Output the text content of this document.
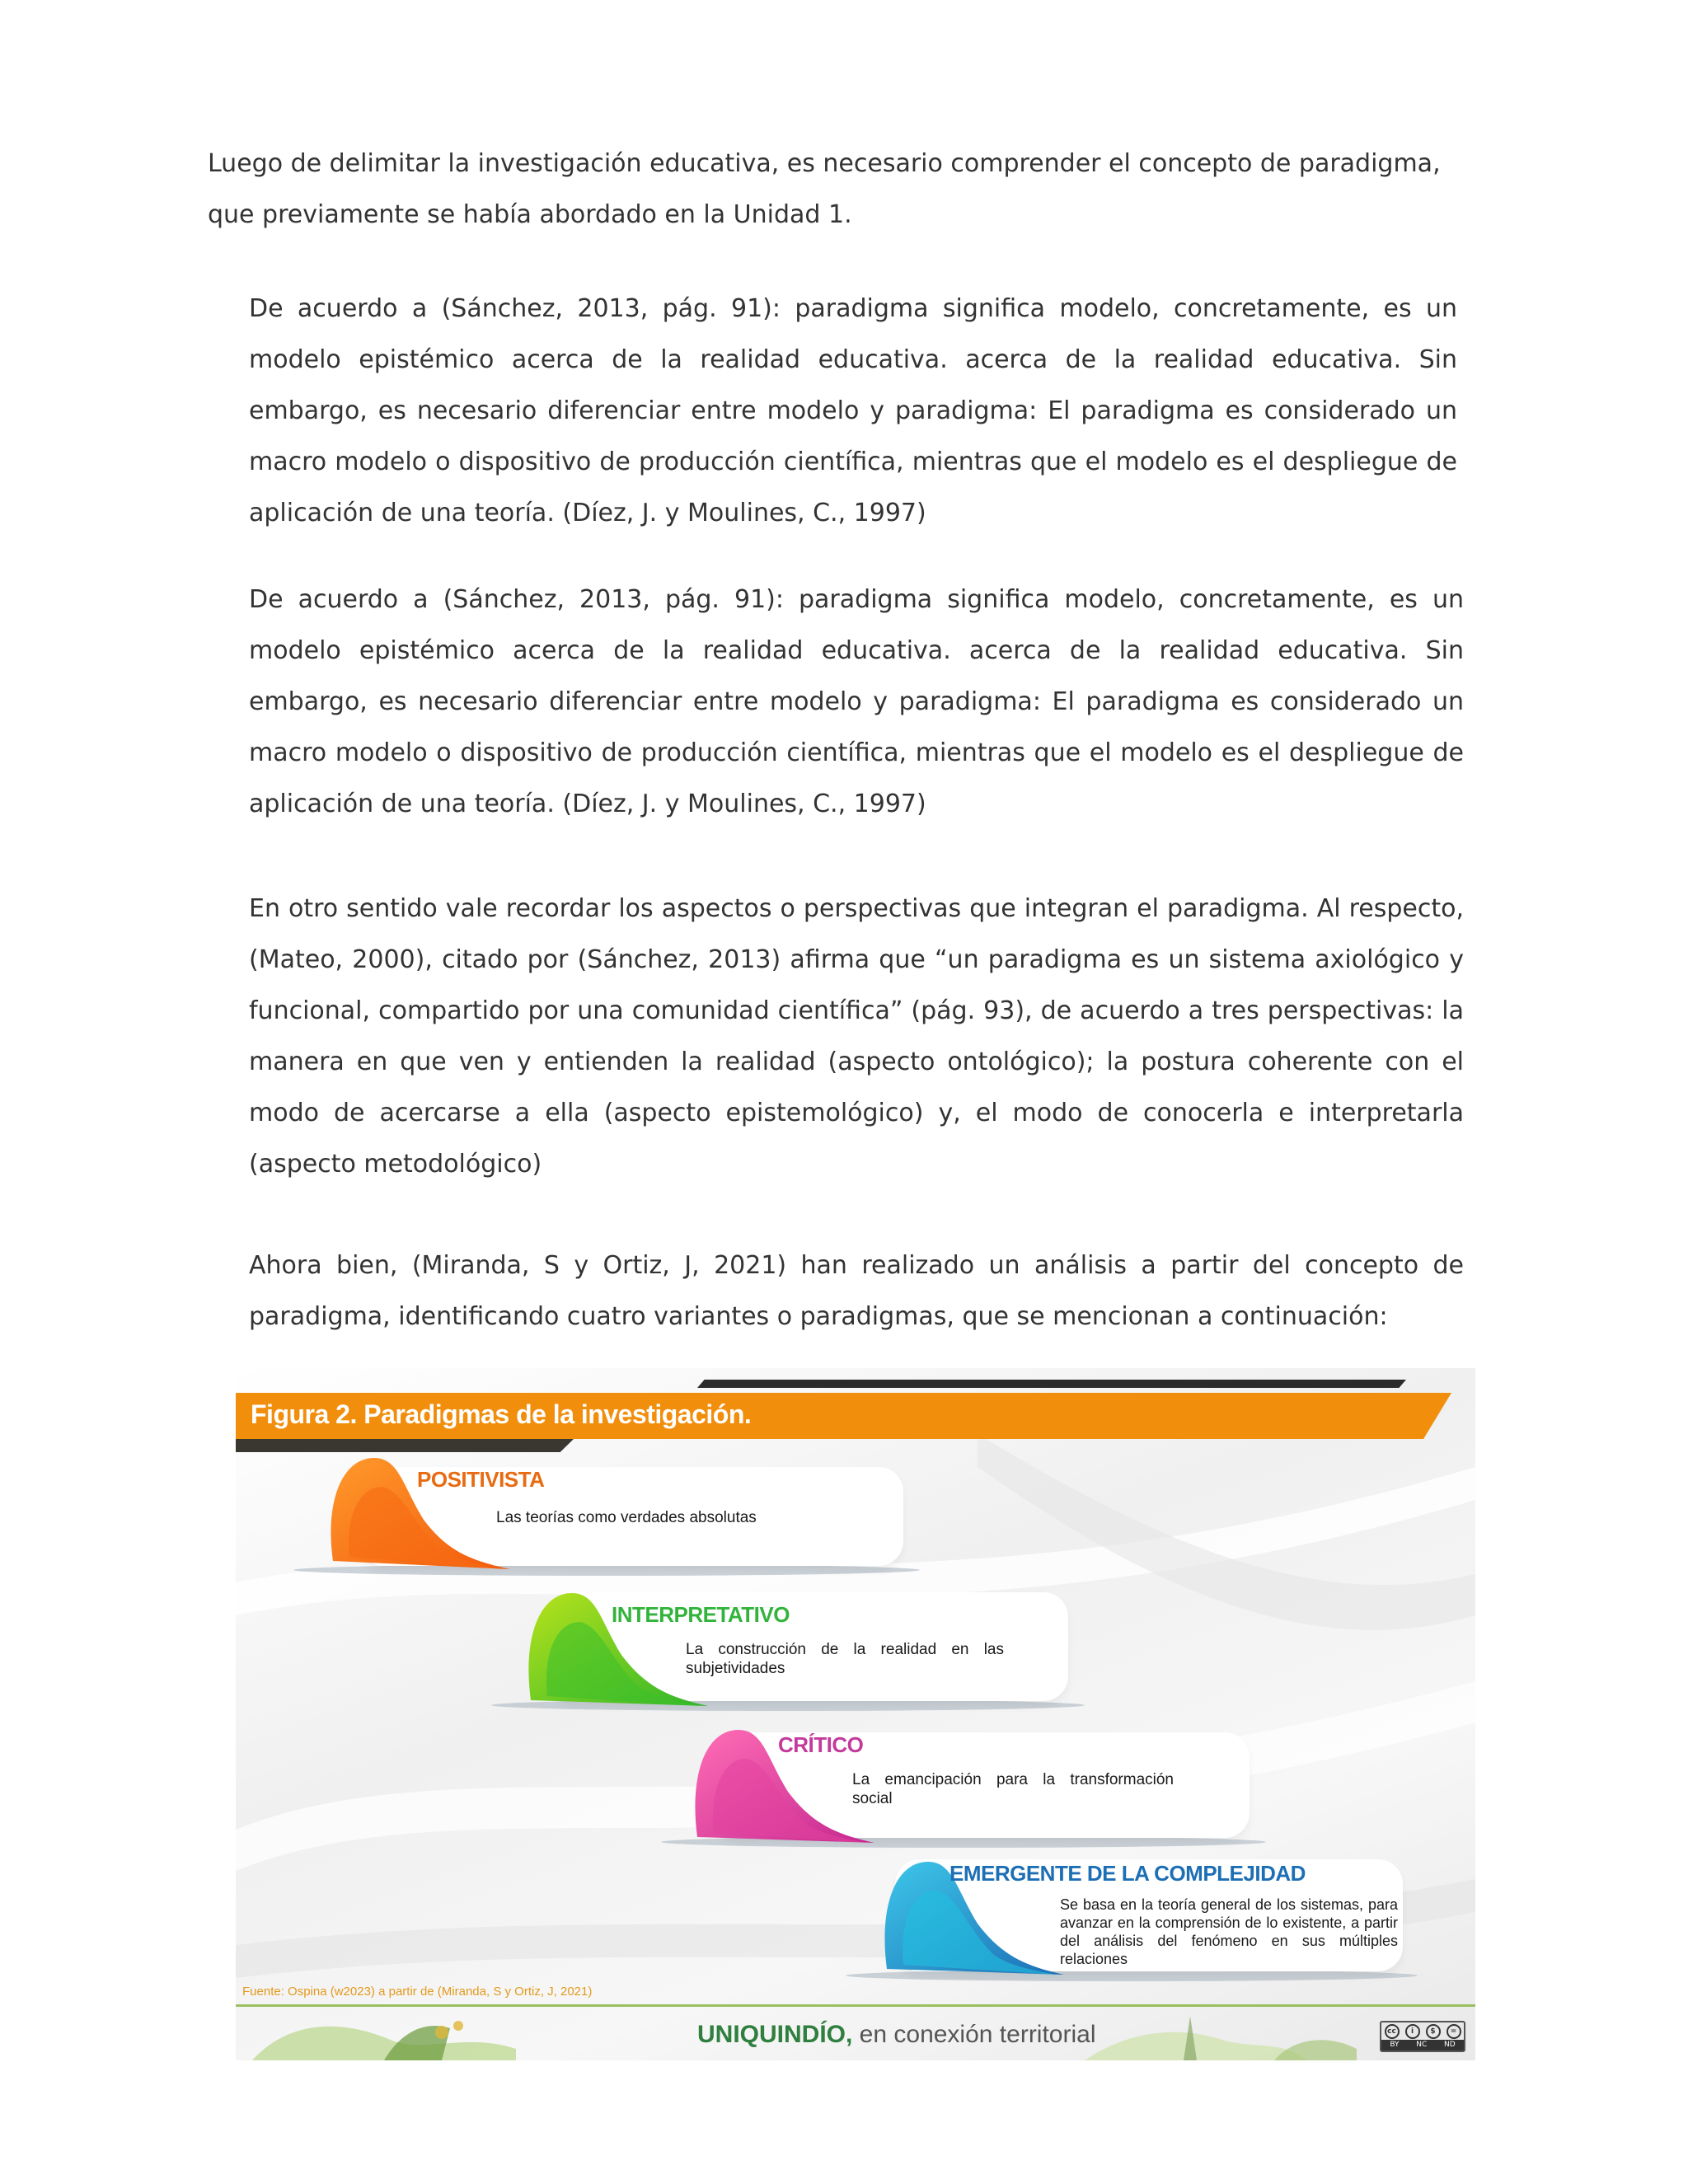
Luego de delimitar la investigación educativa, es necesario comprender el concepto de paradigma, que previamente se había abordado en la Unidad 1.

De acuerdo a (Sánchez, 2013, pág. 91): paradigma significa modelo, concretamente, es un modelo epistémico acerca de la realidad educativa. acerca de la realidad educativa. Sin embargo, es necesario diferenciar entre modelo y paradigma: El paradigma es considerado un macro modelo o dispositivo de producción científica, mientras que el modelo es el despliegue de aplicación de una teoría. (Díez, J. y Moulines, C., 1997)

De acuerdo a (Sánchez, 2013, pág. 91): paradigma significa modelo, concretamente, es un modelo epistémico acerca de la realidad educativa. acerca de la realidad educativa. Sin embargo, es necesario diferenciar entre modelo y paradigma: El paradigma es considerado un macro modelo o dispositivo de producción científica, mientras que el modelo es el despliegue de aplicación de una teoría. (Díez, J. y Moulines, C., 1997)

En otro sentido vale recordar los aspectos o perspectivas que integran el paradigma. Al respecto, (Mateo, 2000), citado por (Sánchez, 2013) afirma que “un paradigma es un sistema axiológico y funcional, compartido por una comunidad científica” (pág. 93), de acuerdo a tres perspectivas: la manera en que ven y entienden la realidad (aspecto ontológico); la postura coherente con el modo de acercarse a ella (aspecto epistemológico) y, el modo de conocerla e interpretarla (aspecto metodológico)

Ahora bien, (Miranda, S y Ortiz, J, 2021) han realizado un análisis a partir del concepto de paradigma, identificando cuatro variantes o paradigmas, que se mencionan a continuación:

Figura 2. Paradigmas de la investigación.
POSITIVISTA
Las teorías como verdades absolutas
INTERPRETATIVO
La construcción de la realidad en las subjetividades
CRÍTICO
La emancipación para la transformación social
EMERGENTE DE LA COMPLEJIDAD
Se basa en la teoría general de los sistemas, para avanzar en la comprensión de lo existente, a partir del análisis del fenómeno en sus múltiples relaciones
Fuente: Ospina (w2023) a partir de (Miranda, S y Ortiz, J, 2021)
UNIQUINDÍO, en conexión territorial	cc	i	$	=
BY NC ND
